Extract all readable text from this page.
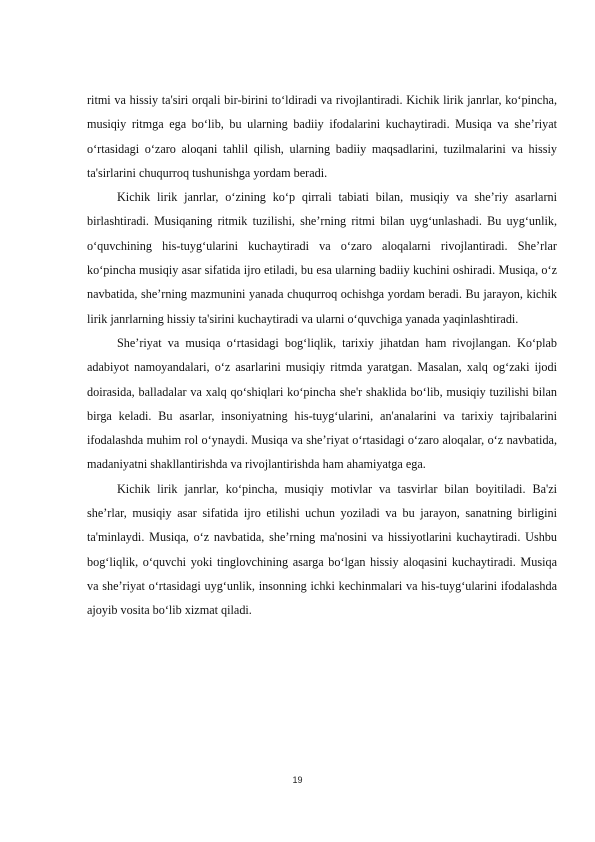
ritmi va hissiy ta'siri orqali bir-birini to‘ldiradi va rivojlantiradi. Kichik lirik janrlar, ko‘pincha, musiqiy ritmga ega bo‘lib, bu ularning badiiy ifodalarini kuchaytiradi. Musiqa va she’riyat o‘rtasidagi o‘zaro aloqani tahlil qilish, ularning badiiy maqsadlarini, tuzilmalarini va hissiy ta'sirlarini chuqurroq tushunishga yordam beradi.

Kichik lirik janrlar, o‘zining ko‘p qirrali tabiati bilan, musiqiy va she’riy asarlarni birlashtiradi. Musiqaning ritmik tuzilishi, she’rning ritmi bilan uyg‘unlashadi. Bu uyg‘unlik, o‘quvchining his-tuyg‘ularini kuchaytiradi va o‘zaro aloqalarni rivojlantiradi. She’rlar ko‘pincha musiqiy asar sifatida ijro etiladi, bu esa ularning badiiy kuchini oshiradi. Musiqa, o‘z navbatida, she’rning mazmunini yanada chuqurroq ochishga yordam beradi. Bu jarayon, kichik lirik janrlarning hissiy ta'sirini kuchaytiradi va ularni o‘quvchiga yanada yaqinlashtiradi.

She’riyat va musiqa o‘rtasidagi bog‘liqlik, tarixiy jihatdan ham rivojlangan. Ko‘plab adabiyot namoyandalari, o‘z asarlarini musiqiy ritmda yaratgan. Masalan, xalq og‘zaki ijodi doirasida, balladalar va xalq qo‘shiqlari ko‘pincha she'r shaklida bo‘lib, musiqiy tuzilishi bilan birga keladi. Bu asarlar, insoniyatning his-tuyg‘ularini, an'analarini va tarixiy tajribalarini ifodalashda muhim rol o‘ynaydi. Musiqa va she’riyat o‘rtasidagi o‘zaro aloqalar, o‘z navbatida, madaniyatni shakllantirishda va rivojlantirishda ham ahamiyatga ega.

Kichik lirik janrlar, ko‘pincha, musiqiy motivlar va tasvirlar bilan boyitiladi. Ba'zi she’rlar, musiqiy asar sifatida ijro etilishi uchun yoziladi va bu jarayon, sanatning birligini ta'minlaydi. Musiqa, o‘z navbatida, she’rning ma'nosini va hissiyotlarini kuchaytiradi. Ushbu bog‘liqlik, o‘quvchi yoki tinglovchining asarga bo‘lgan hissiy aloqasini kuchaytiradi. Musiqa va she’riyat o‘rtasidagi uyg‘unlik, insonning ichki kechinmalari va his-tuyg‘ularini ifodalashda ajoyib vosita bo‘lib xizmat qiladi.

19
